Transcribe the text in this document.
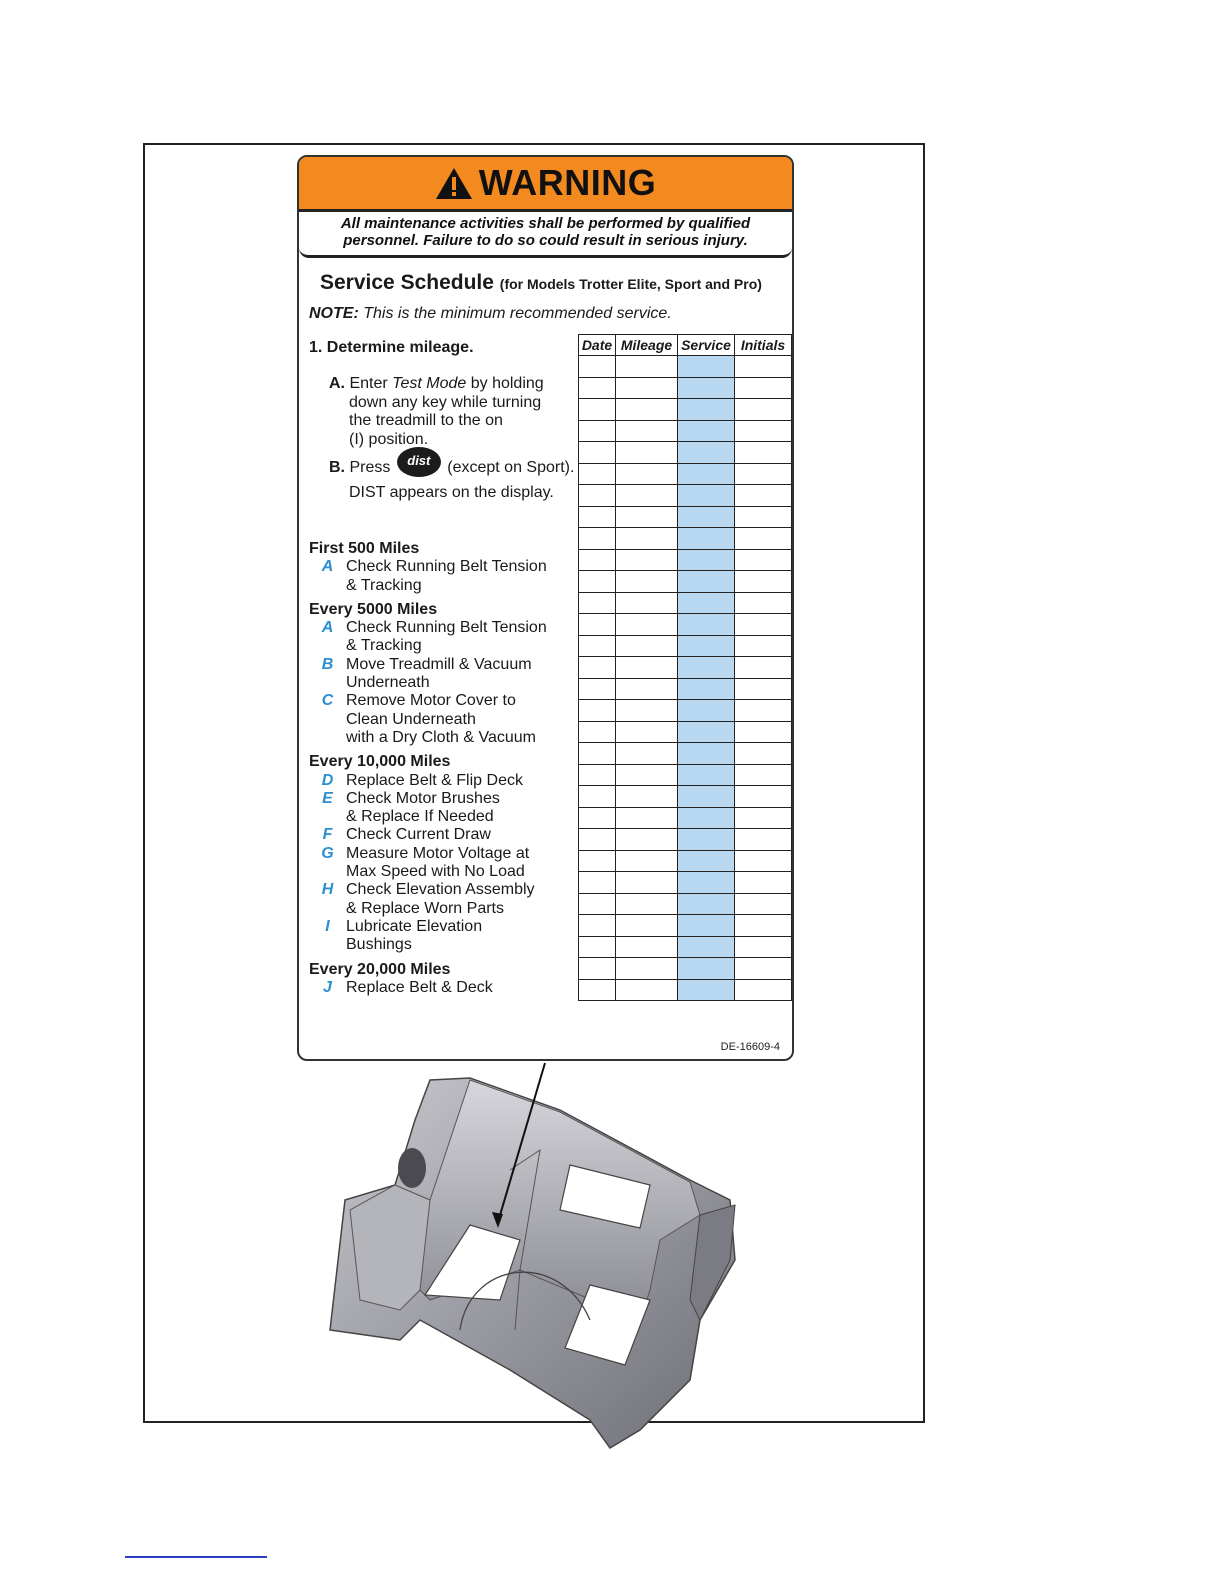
WARNING
All maintenance activities shall be performed by qualified personnel. Failure to do so could result in serious injury.
Service Schedule (for Models Trotter Elite, Sport and Pro)
NOTE: This is the minimum recommended service.
1. Determine mileage.
A. Enter Test Mode by holding
down any key while turning
the treadmill to the on
(I) position.
B. Press dist (except on Sport).
DIST appears on the display.
First 500 Miles
A Check Running Belt Tension
& Tracking
Every 5000 Miles
A Check Running Belt Tension
& Tracking
B Move Treadmill & Vacuum
Underneath
C Remove Motor Cover to
Clean Underneath
with a Dry Cloth & Vacuum
Every 10,000 Miles
D Replace Belt & Flip Deck
E Check Motor Brushes
& Replace If Needed
F Check Current Draw
G Measure Motor Voltage at
Max Speed with No Load
H Check Elevation Assembly
& Replace Worn Parts
I	Lubricate Elevation
Bushings
Every 20,000 Miles
J Replace Belt & Deck
Date	Mileage	Service	Initials

DE-16609-4
